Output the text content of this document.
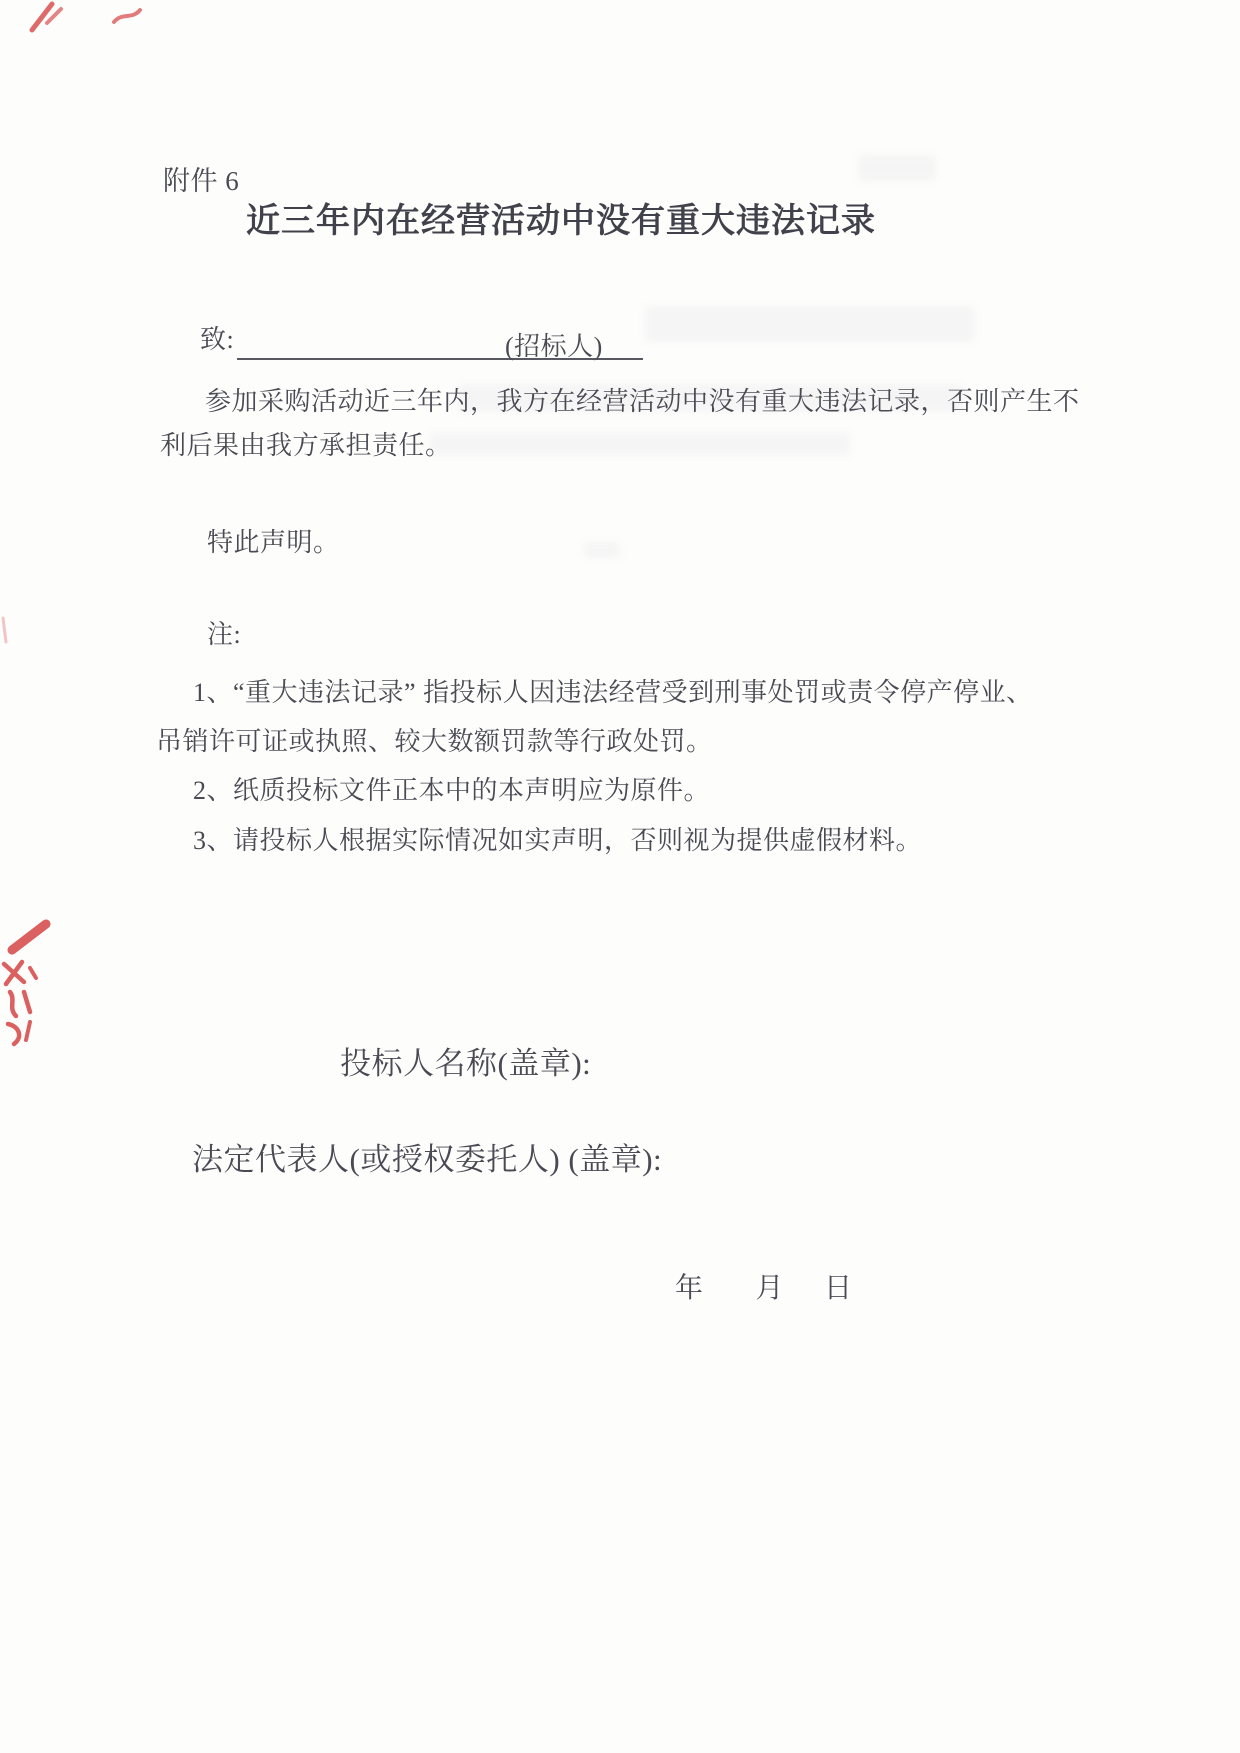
附件 6
近三年内在经营活动中没有重大违法记录
致:	(招标人)
参加采购活动近三年内，我方在经营活动中没有重大违法记录，否则产生不
利后果由我方承担责任。
特此声明。
注:
1、“重大违法记录” 指投标人因违法经营受到刑事处罚或责令停产停业、
吊销许可证或执照、较大数额罚款等行政处罚。
2、纸质投标文件正本中的本声明应为原件。
3、请投标人根据实际情况如实声明，否则视为提供虚假材料。
投标人名称(盖章):
法定代表人(或授权委托人) (盖章):

年 月 日
